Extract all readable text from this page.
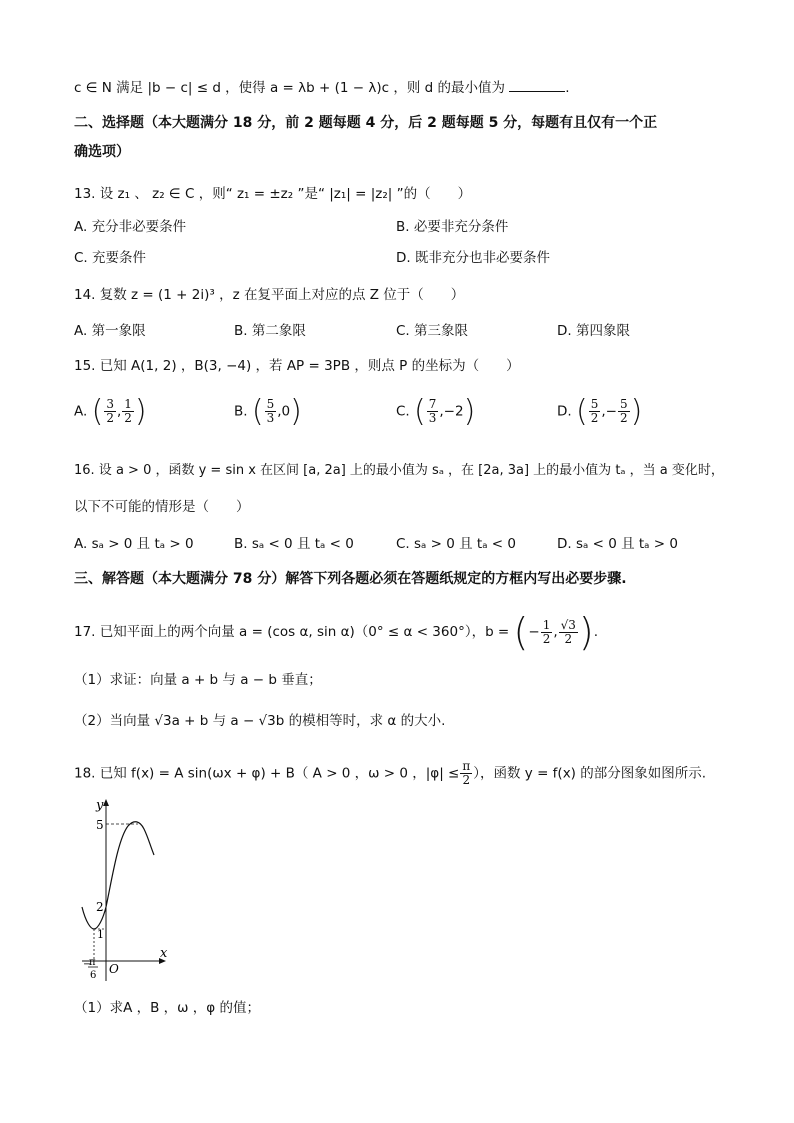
c ∈ N 满足 |b − c| ≤ d ，使得 a = λb + (1 − λ)c ，则 d 的最小值为	.
二、选择题（本大题满分 18 分，前 2 题每题 4 分，后 2 题每题 5 分，每题有且仅有一个正
确选项）
13. 设 z₁ 、 z₂ ∈ C ，则“ z₁ = ±z₂ ”是“ |z₁| = |z₂| ”的（　　）
A. 充分非必要条件	B. 必要非充分条件
C. 充要条件	D. 既非充分也非必要条件
14. 复数 z = (1 + 2i)³ ，z 在复平面上对应的点 Z 位于（　　）
A. 第一象限	B. 第二象限	C. 第三象限	D. 第四象限
15. 已知 A(1, 2) ，B(3, −4) ，若 AP = 3PB ，则点 P 的坐标为（　　）
A. ( $\frac{3}{2}$ , $\frac{1}{2}$ )	B. ( $\frac{5}{3} ,0$)	C. ( $\frac{7}{3} ,-2$)	D. ( $\frac{5}{2}$ ,− $\frac{5}{2}$ )
16. 设 a > 0 ，函数 y = sin x 在区间 [a, 2a] 上的最小值为 sₐ ，在 [2a, 3a] 上的最小值为 tₐ ，当 a 变化时，
以下不可能的情形是（　　）
A. sₐ > 0 且 tₐ > 0	B. sₐ < 0 且 tₐ < 0	C. sₐ > 0 且 tₐ < 0	D. sₐ < 0 且 tₐ > 0
三、解答题（本大题满分 78 分）解答下列各题必须在答题纸规定的方框内写出必要步骤.
17. 已知平面上的两个向量 a = (cos α, sin α)（0° ≤ α < 360°），b = (− $\frac{1}{2}$ , $\frac{√3}{2}$ ).
（1）求证：向量 a + b 与 a − b 垂直；
（2）当向量 √3a + b 与 a − √3b 的模相等时，求 α 的大小.
18. 已知 f(x) = A sin(ωx + φ) + B（ A > 0 ，ω > 0 ，$|\varphi| \le \frac{\pi}{2}$ ），函数 y = f(x) 的部分图象如图所示.
y
x
O
5
2
1
−
π
6
（1）求A ，B ，ω ，φ 的值；
